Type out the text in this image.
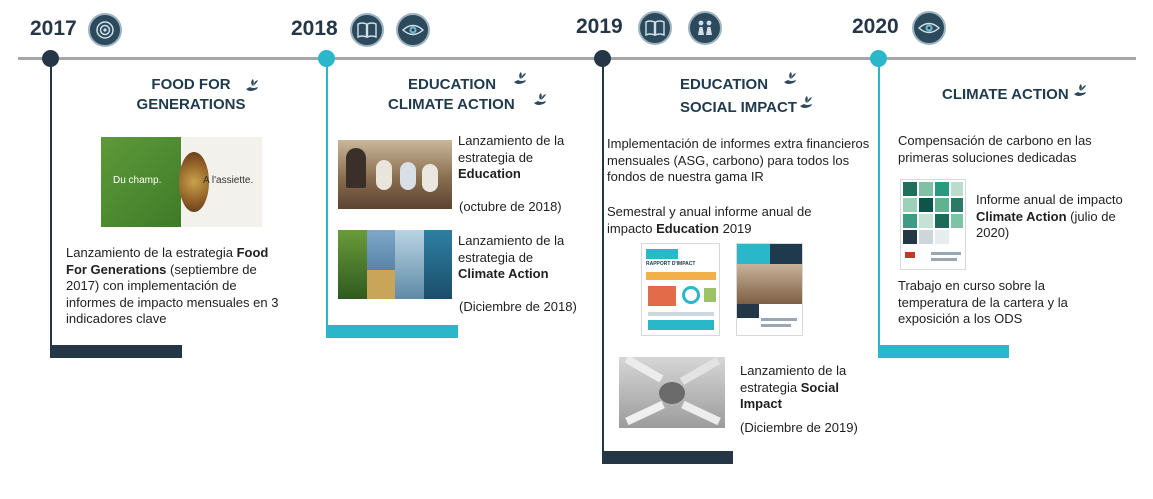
2017
FOOD FOR
GENERATIONS
Du champ.	A l'assiette.
Lanzamiento de la estrategia Food For Generations (septiembre de 2017) con implementación de informes de impacto mensuales en 3 indicadores clave
2018
EDUCATION
CLIMATE ACTION
Lanzamiento de la estrategia de Education
(octubre de 2018)
Lanzamiento de la estrategia de Climate Action
(Diciembre de 2018)
2019
EDUCATION
SOCIAL IMPACT
Implementación de informes extra financieros mensuales (ASG, carbono) para todos los fondos de nuestra gama IR
Semestral y anual informe anual de impacto Education 2019
RAPPORT D'IMPACT
Lanzamiento de la estrategia Social Impact
(Diciembre de 2019)
2020
CLIMATE ACTION
Compensación de carbono en las primeras soluciones dedicadas
Informe anual de impacto Climate Action (julio de 2020)
Trabajo en curso sobre la temperatura de la cartera y la exposición a los ODS
